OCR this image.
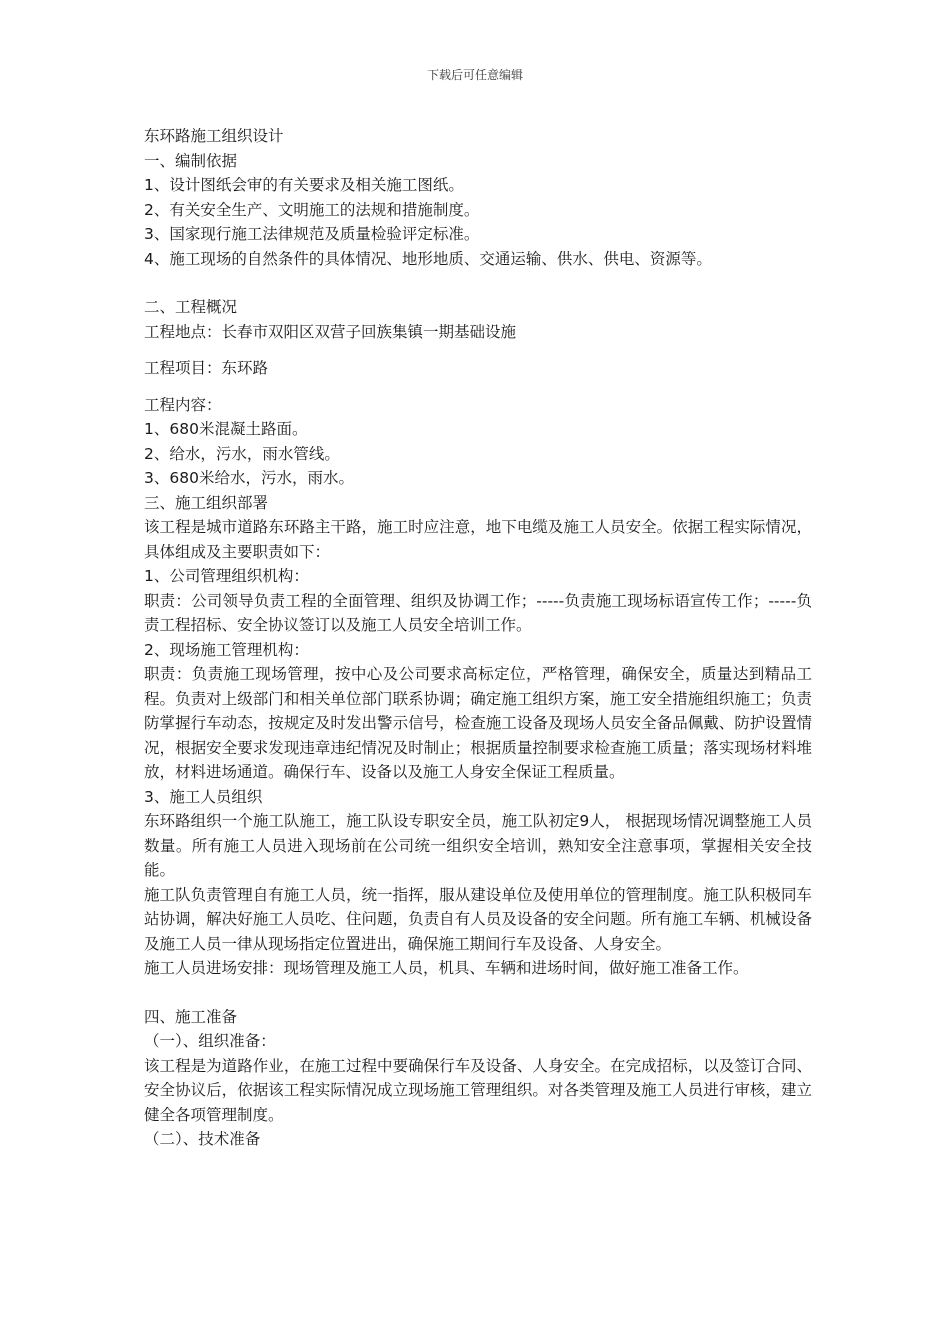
下载后可任意编辑
东环路施工组织设计
一、编制依据
1、设计图纸会审的有关要求及相关施工图纸。
2、有关安全生产、文明施工的法规和措施制度。
3、国家现行施工法律规范及质量检验评定标准。
4、施工现场的自然条件的具体情况、地形地质、交通运输、供水、供电、资源等。
二、工程概况
工程地点：长春市双阳区双营子回族集镇一期基础设施
工程项目：东环路
工程内容：
1、680米混凝土路面。
2、给水，污水，雨水管线。
3、680米给水，污水，雨水。
三、施工组织部署
该工程是城市道路东环路主干路，施工时应注意，地下电缆及施工人员安全。依据工程实际情况，具体组成及主要职责如下：
1、公司管理组织机构：
职责：公司领导负责工程的全面管理、组织及协调工作；-----负责施工现场标语宣传工作；-----负责工程招标、安全协议签订以及施工人员安全培训工作。
2、现场施工管理机构：
职责：负责施工现场管理，按中心及公司要求高标定位，严格管理，确保安全，质量达到精品工程。负责对上级部门和相关单位部门联系协调；确定施工组织方案，施工安全措施组织施工；负责防掌握行车动态，按规定及时发出警示信号，检查施工设备及现场人员安全备品佩戴、防护设置情况，根据安全要求发现违章违纪情况及时制止；根据质量控制要求检查施工质量；落实现场材料堆放，材料进场通道。确保行车、设备以及施工人身安全保证工程质量。
3、施工人员组织
东环路组织一个施工队施工，施工队设专职安全员，施工队初定9人， 根据现场情况调整施工人员数量。所有施工人员进入现场前在公司统一组织安全培训，熟知安全注意事项，掌握相关安全技能。
施工队负责管理自有施工人员，统一指挥，服从建设单位及使用单位的管理制度。施工队积极同车站协调，解决好施工人员吃、住问题，负责自有人员及设备的安全问题。所有施工车辆、机械设备及施工人员一律从现场指定位置进出，确保施工期间行车及设备、人身安全。
施工人员进场安排：现场管理及施工人员，机具、车辆和进场时间，做好施工准备工作。
四、施工准备
（一）、组织准备：
该工程是为道路作业，在施工过程中要确保行车及设备、人身安全。在完成招标，以及签订合同、安全协议后，依据该工程实际情况成立现场施工管理组织。对各类管理及施工人员进行审核，建立健全各项管理制度。
（二）、技术准备
